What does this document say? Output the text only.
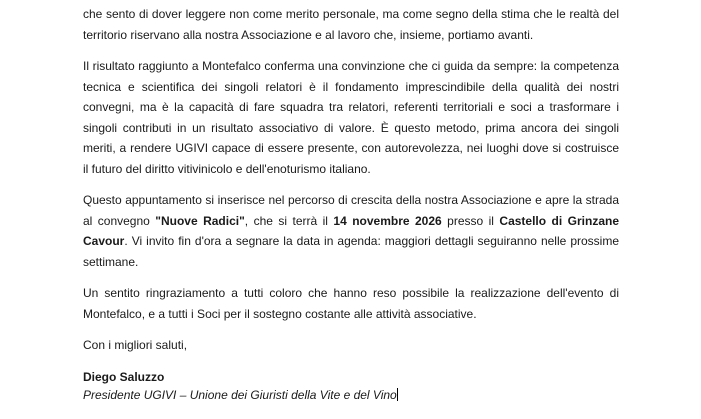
che sento di dover leggere non come merito personale, ma come segno della stima che le realtà del territorio riservano alla nostra Associazione e al lavoro che, insieme, portiamo avanti.

Il risultato raggiunto a Montefalco conferma una convinzione che ci guida da sempre: la competenza tecnica e scientifica dei singoli relatori è il fondamento imprescindibile della qualità dei nostri convegni, ma è la capacità di fare squadra tra relatori, referenti territoriali e soci a trasformare i singoli contributi in un risultato associativo di valore. È questo metodo, prima ancora dei singoli meriti, a rendere UGIVI capace di essere presente, con autorevolezza, nei luoghi dove si costruisce il futuro del diritto vitivinicolo e dell'enoturismo italiano.

Questo appuntamento si inserisce nel percorso di crescita della nostra Associazione e apre la strada al convegno "Nuove Radici", che si terrà il 14 novembre 2026 presso il Castello di Grinzane Cavour. Vi invito fin d'ora a segnare la data in agenda: maggiori dettagli seguiranno nelle prossime settimane.

Un sentito ringraziamento a tutti coloro che hanno reso possibile la realizzazione dell'evento di Montefalco, e a tutti i Soci per il sostegno costante alle attività associative.

Con i migliori saluti,

Diego Saluzzo

Presidente UGIVI – Unione dei Giuristi della Vite e del Vino
